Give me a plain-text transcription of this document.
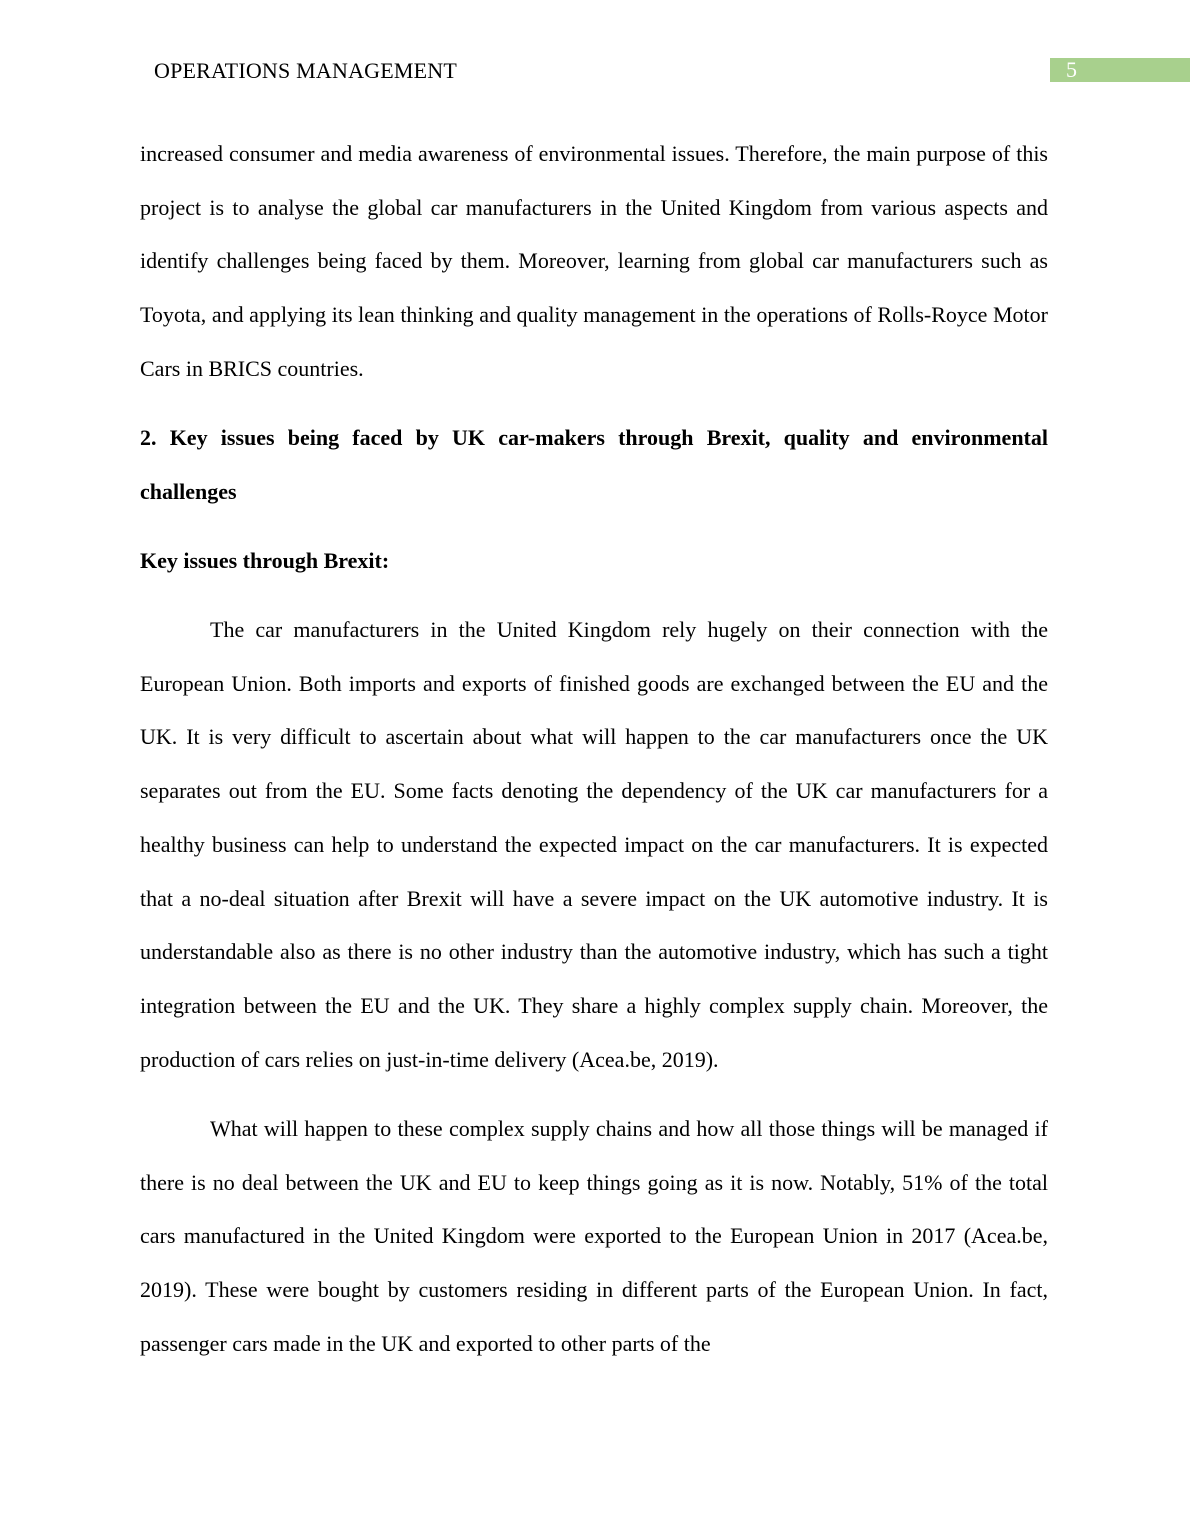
OPERATIONS MANAGEMENT	5

increased consumer and media awareness of environmental issues. Therefore, the main purpose of this project is to analyse the global car manufacturers in the United Kingdom from various aspects and identify challenges being faced by them. Moreover, learning from global car manufacturers such as Toyota, and applying its lean thinking and quality management in the operations of Rolls-Royce Motor Cars in BRICS countries.

2. Key issues being faced by UK car-makers through Brexit, quality and environmental challenges

Key issues through Brexit:

The car manufacturers in the United Kingdom rely hugely on their connection with the European Union. Both imports and exports of finished goods are exchanged between the EU and the UK. It is very difficult to ascertain about what will happen to the car manufacturers once the UK separates out from the EU. Some facts denoting the dependency of the UK car manufacturers for a healthy business can help to understand the expected impact on the car manufacturers. It is expected that a no-deal situation after Brexit will have a severe impact on the UK automotive industry. It is understandable also as there is no other industry than the automotive industry, which has such a tight integration between the EU and the UK. They share a highly complex supply chain. Moreover, the production of cars relies on just-in-time delivery (Acea.be, 2019).

What will happen to these complex supply chains and how all those things will be managed if there is no deal between the UK and EU to keep things going as it is now. Notably, 51% of the total cars manufactured in the United Kingdom were exported to the European Union in 2017 (Acea.be, 2019). These were bought by customers residing in different parts of the European Union. In fact, passenger cars made in the UK and exported to other parts of the
